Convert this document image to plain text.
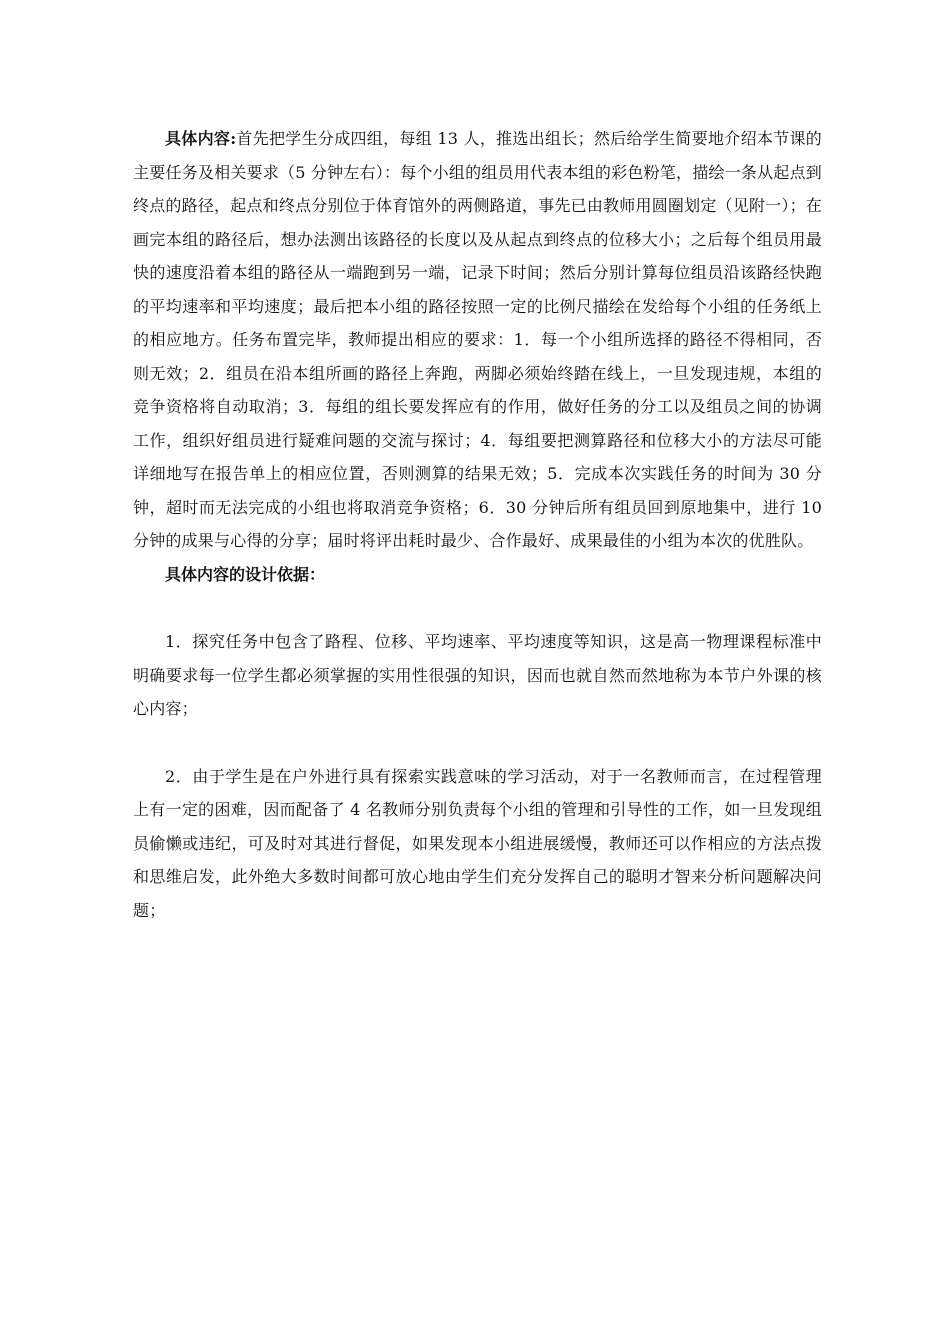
具体内容:首先把学生分成四组，每组 13 人，推选出组长；然后给学生简要地介绍本节课的主要任务及相关要求（5 分钟左右）：每个小组的组员用代表本组的彩色粉笔，描绘一条从起点到终点的路径，起点和终点分别位于体育馆外的两侧路道，事先已由教师用圆圈划定（见附一）；在画完本组的路径后，想办法测出该路径的长度以及从起点到终点的位移大小；之后每个组员用最快的速度沿着本组的路径从一端跑到另一端，记录下时间；然后分别计算每位组员沿该路经快跑的平均速率和平均速度；最后把本小组的路径按照一定的比例尺描绘在发给每个小组的任务纸上的相应地方。任务布置完毕，教师提出相应的要求：1．每一个小组所选择的路径不得相同，否则无效；2．组员在沿本组所画的路径上奔跑，两脚必须始终踏在线上，一旦发现违规，本组的竞争资格将自动取消；3．每组的组长要发挥应有的作用，做好任务的分工以及组员之间的协调工作，组织好组员进行疑难问题的交流与探讨；4．每组要把测算路径和位移大小的方法尽可能详细地写在报告单上的相应位置，否则测算的结果无效；5．完成本次实践任务的时间为 30 分钟，超时而无法完成的小组也将取消竞争资格；6．30 分钟后所有组员回到原地集中，进行 10 分钟的成果与心得的分享；届时将评出耗时最少、合作最好、成果最佳的小组为本次的优胜队。

具体内容的设计依据：

1．探究任务中包含了路程、位移、平均速率、平均速度等知识，这是高一物理课程标准中明确要求每一位学生都必须掌握的实用性很强的知识，因而也就自然而然地称为本节户外课的核心内容；

2．由于学生是在户外进行具有探索实践意味的学习活动，对于一名教师而言，在过程管理上有一定的困难，因而配备了 4 名教师分别负责每个小组的管理和引导性的工作，如一旦发现组员偷懒或违纪，可及时对其进行督促，如果发现本小组进展缓慢，教师还可以作相应的方法点拨和思维启发，此外绝大多数时间都可放心地由学生们充分发挥自己的聪明才智来分析问题解决问题；
